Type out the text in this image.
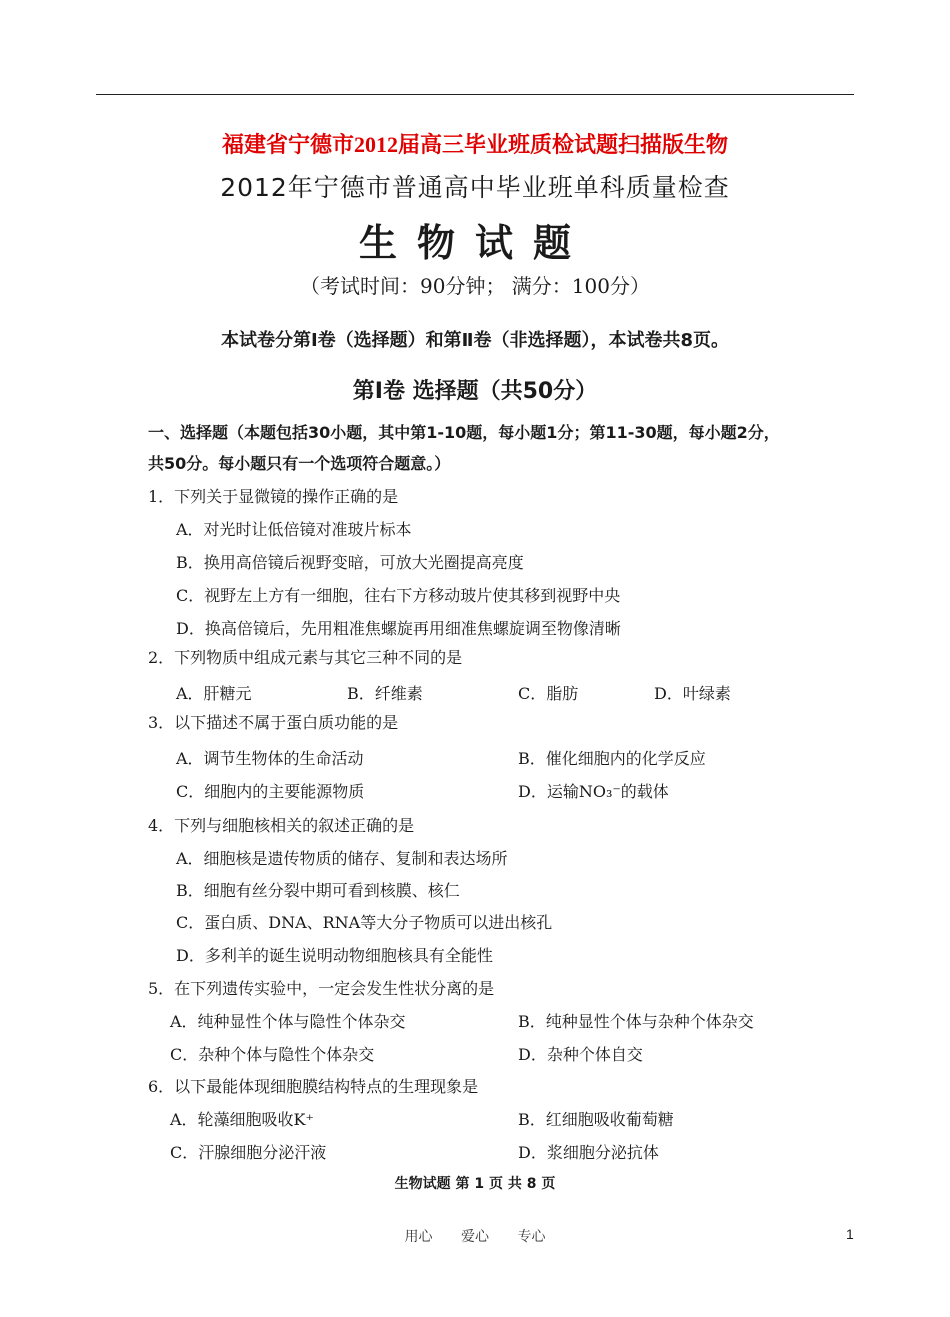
福建省宁德市2012届高三毕业班质检试题扫描版生物
2012年宁德市普通高中毕业班单科质量检查
生物试题
（考试时间：90分钟； 满分：100分）
本试卷分第Ⅰ卷（选择题）和第Ⅱ卷（非选择题），本试卷共8页。
第Ⅰ卷 选择题（共50分）
一、选择题（本题包括30小题，其中第1-10题，每小题1分；第11-30题，每小题2分，
共50分。每小题只有一个选项符合题意。）
1．下列关于显微镜的操作正确的是
A．对光时让低倍镜对准玻片标本
B．换用高倍镜后视野变暗，可放大光圈提高亮度
C．视野左上方有一细胞，往右下方移动玻片使其移到视野中央
D．换高倍镜后，先用粗准焦螺旋再用细准焦螺旋调至物像清晰
2．下列物质中组成元素与其它三种不同的是
A．肝糖元	B．纤维素	C．脂肪	D．叶绿素
3．以下描述不属于蛋白质功能的是
A．调节生物体的生命活动	B．催化细胞内的化学反应
C．细胞内的主要能源物质	D．运输NO₃⁻的载体
4．下列与细胞核相关的叙述正确的是
A．细胞核是遗传物质的储存、复制和表达场所
B．细胞有丝分裂中期可看到核膜、核仁
C．蛋白质、DNA、RNA等大分子物质可以进出核孔
D．多利羊的诞生说明动物细胞核具有全能性
5．在下列遗传实验中，一定会发生性状分离的是
A．纯种显性个体与隐性个体杂交	B．纯种显性个体与杂种个体杂交
C．杂种个体与隐性个体杂交	D．杂种个体自交
6．以下最能体现细胞膜结构特点的生理现象是
A．轮藻细胞吸收K⁺	B．红细胞吸收葡萄糖
C．汗腺细胞分泌汗液	D．浆细胞分泌抗体
生物试题 第 1 页 共 8 页
用心 爱心 专心	1
